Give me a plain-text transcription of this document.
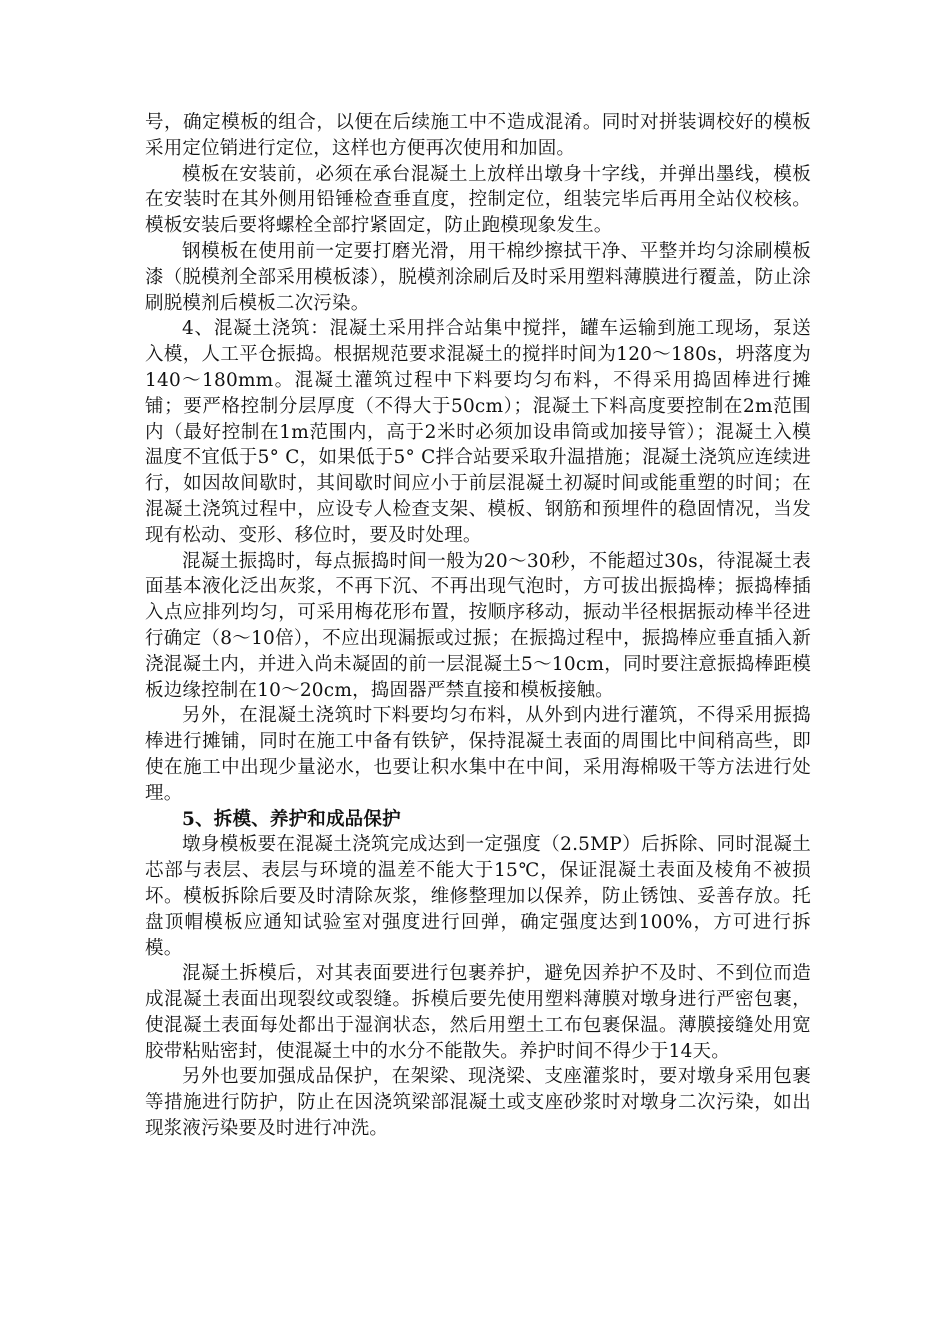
号，确定模板的组合，以便在后续施工中不造成混淆。同时对拼装调校好的模板采用定位销进行定位，这样也方便再次使用和加固。

模板在安装前，必须在承台混凝土上放样出墩身十字线，并弹出墨线，模板在安装时在其外侧用铅锤检查垂直度，控制定位，组装完毕后再用全站仪校核。模板安装后要将螺栓全部拧紧固定，防止跑模现象发生。

钢模板在使用前一定要打磨光滑，用干棉纱擦拭干净、平整并均匀涂刷模板漆（脱模剂全部采用模板漆），脱模剂涂刷后及时采用塑料薄膜进行覆盖，防止涂刷脱模剂后模板二次污染。

4、混凝土浇筑：混凝土采用拌合站集中搅拌，罐车运输到施工现场，泵送入模，人工平仓振捣。根据规范要求混凝土的搅拌时间为120～180s，坍落度为140～180mm。混凝土灌筑过程中下料要均匀布料，不得采用捣固棒进行摊铺；要严格控制分层厚度（不得大于50cm）；混凝土下料高度要控制在2m范围内（最好控制在1m范围内，高于2米时必须加设串筒或加接导管）；混凝土入模温度不宜低于5° C，如果低于5° C拌合站要采取升温措施；混凝土浇筑应连续进行，如因故间歇时，其间歇时间应小于前层混凝土初凝时间或能重塑的时间；在混凝土浇筑过程中，应设专人检查支架、模板、钢筋和预埋件的稳固情况，当发现有松动、变形、移位时，要及时处理。

混凝土振捣时，每点振捣时间一般为20～30秒，不能超过30s，待混凝土表面基本液化泛出灰浆，不再下沉、不再出现气泡时，方可拔出振捣棒；振捣棒插入点应排列均匀，可采用梅花形布置，按顺序移动，振动半径根据振动棒半径进行确定（8～10倍），不应出现漏振或过振；在振捣过程中，振捣棒应垂直插入新浇混凝土内，并进入尚未凝固的前一层混凝土5～10cm，同时要注意振捣棒距模板边缘控制在10～20cm，捣固器严禁直接和模板接触。

另外，在混凝土浇筑时下料要均匀布料，从外到内进行灌筑，不得采用振捣棒进行摊铺，同时在施工中备有铁铲，保持混凝土表面的周围比中间稍高些，即使在施工中出现少量泌水，也要让积水集中在中间，采用海棉吸干等方法进行处理。

5、拆模、养护和成品保护

墩身模板要在混凝土浇筑完成达到一定强度（2.5MP）后拆除、同时混凝土芯部与表层、表层与环境的温差不能大于15℃，保证混凝土表面及棱角不被损坏。模板拆除后要及时清除灰浆，维修整理加以保养，防止锈蚀、妥善存放。托盘顶帽模板应通知试验室对强度进行回弹，确定强度达到100%，方可进行拆模。

混凝土拆模后，对其表面要进行包裹养护，避免因养护不及时、不到位而造成混凝土表面出现裂纹或裂缝。拆模后要先使用塑料薄膜对墩身进行严密包裹，使混凝土表面每处都出于湿润状态，然后用塑土工布包裹保温。薄膜接缝处用宽胶带粘贴密封，使混凝土中的水分不能散失。养护时间不得少于14天。

另外也要加强成品保护，在架梁、现浇梁、支座灌浆时，要对墩身采用包裹等措施进行防护，防止在因浇筑梁部混凝土或支座砂浆时对墩身二次污染，如出现浆液污染要及时进行冲洗。
